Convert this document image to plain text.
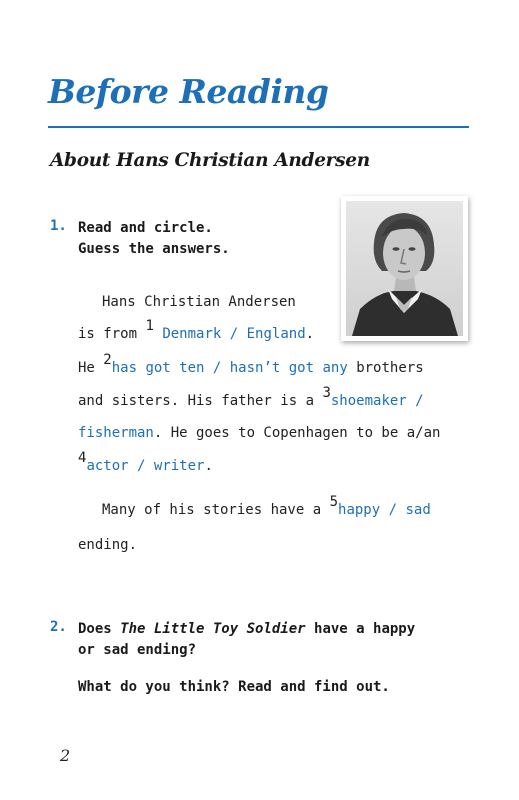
Before Reading
About Hans Christian Andersen
1. Read and circle.
Guess the answers.
Hans Christian Andersen
is from 1 Denmark / England.
He 2has got ten / hasn’t got any brothers
and sisters. His father is a 3shoemaker /
fisherman. He goes to Copenhagen to be a/an
4actor / writer.
Many of his stories have a 5happy / sad
ending.
2. Does The Little Toy Soldier have a happy
or sad ending?
What do you think? Read and find out.
2
